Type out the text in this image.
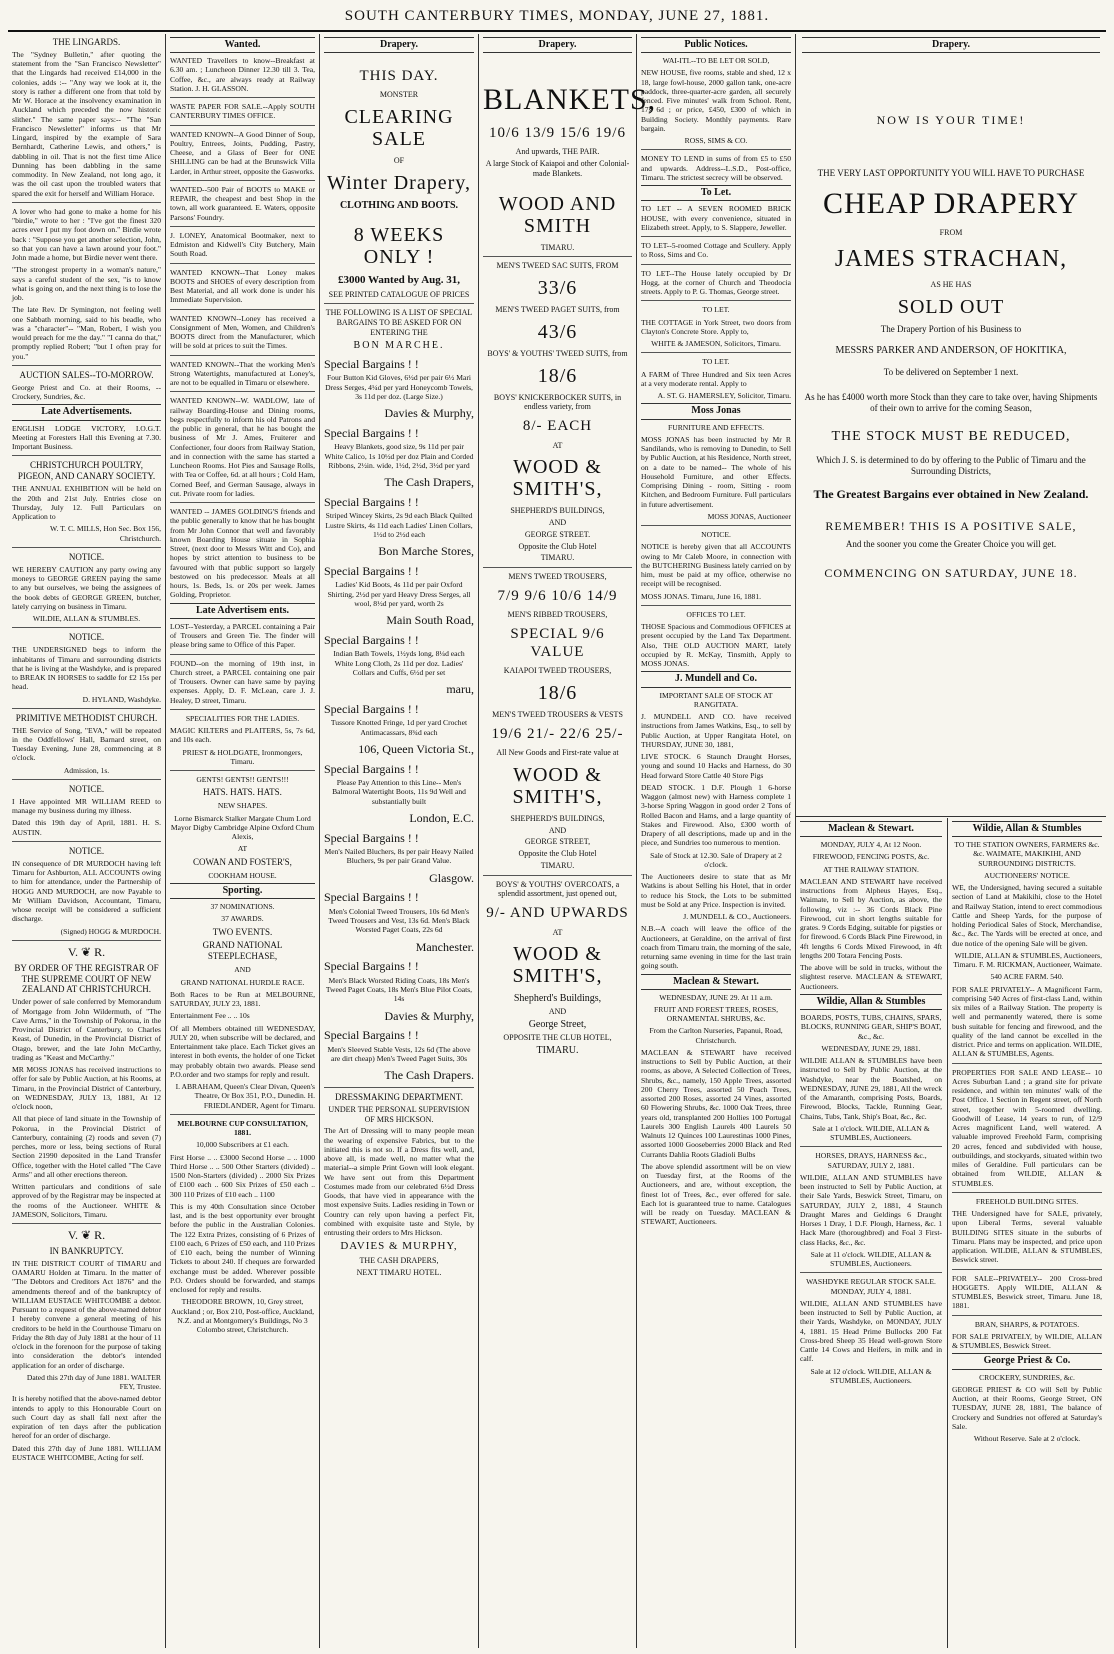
SOUTH CANTERBURY TIMES, MONDAY, JUNE 27, 1881.
THE LINGARDS.

The "Sydney Bulletin," after quoting the statement from the "San Francisco Newsletter" that the Lingards had received £14,000 in the colonies, adds :-- "Any way we look at it, the story is rather a different one from that told by Mr W. Horace at the insolvency examination in Auckland which preceded the now historic slither." The same paper says:-- "The "San Francisco Newsletter" informs us that Mr Lingard, inspired by the example of Sara Bernhardt, Catherine Lewis, and others," is dabbling in oil. That is not the first time Alice Dunning has been dabbling in the same commodity. In New Zealand, not long ago, it was the oil cast upon the troubled waters that spared the exit for herself and William Horace.

A lover who had gone to make a home for his "birdie," wrote to her : "I've got the finest 320 acres ever I put my foot down on." Birdie wrote back : "Suppose you get another selection, John, so that you can have a lawn around your foot." John made a home, but Birdie never went there.

"The strongest property in a woman's nature," says a careful student of the sex, "is to know what is going on, and the next thing is to lose the job.

The late Rev. Dr Symington, not feeling well one Sabbath morning, said to his beadle, who was a "character"-- "Man, Robert, I wish you would preach for me the day." "I canna do that," promptly replied Robert; "but I often pray for you."

AUCTION SALES--TO-MORROW.

George Priest and Co. at their Rooms, --Crockery, Sundries, &c.

Late Advertisements.

ENGLISH LODGE VICTORY, I.O.G.T. Meeting at Foresters Hall this Evening at 7.30. Important Business.

CHRISTCHURCH POULTRY, PIGEON, AND CANARY SOCIETY.

THE ANNUAL EXHIBITION will be held on the 20th and 21st July. Entries close on Thursday, July 12. Full Particulars on Application to

W. T. C. MILLS, Hon Sec. Box 156, Christchurch.

NOTICE.

WE HEREBY CAUTION any party owing any moneys to GEORGE GREEN paying the same to any but ourselves, we being the assignees of the book debts of GEORGE GREEN, butcher, lately carrying on business in Timaru.

WILDIE, ALLAN & STUMBLES.

NOTICE.

THE UNDERSIGNED begs to inform the inhabitants of Timaru and surrounding districts that he is living at the Washdyke, and is prepared to BREAK IN HORSES to saddle for £2 15s per head.

D. HYLAND, Washdyke.

PRIMITIVE METHODIST CHURCH.

THE Service of Song, "EVA," will be repeated in the Oddfellows' Hall, Barnard street, on Tuesday Evening, June 28, commencing at 8 o'clock.

Admission, 1s.

NOTICE.

I Have appointed MR WILLIAM REED to manage my business during my illness.

Dated this 19th day of April, 1881. H. S. AUSTIN.

NOTICE.

IN consequence of DR MURDOCH having left Timaru for Ashburton, ALL ACCOUNTS owing to him for attendance, under the Partnership of HOGG AND MURDOCH, are now Payable to Mr William Davidson, Accountant, Timaru, whose receipt will be considered a sufficient discharge.

(Signed) HOGG & MURDOCH.

V. ❦ R.
BY ORDER OF THE REGISTRAR OF THE SUPREME COURT OF NEW ZEALAND AT CHRISTCHURCH.

Under power of sale conferred by Memorandum of Mortgage from John Wildermuth, of "The Cave Arms," in the Township of Pokorua, in the Provincial District of Canterbury, to Charles Keast, of Dunedin, in the Provincial District of Otago, brewer, and the late John McCarthy, trading as "Keast and McCarthy."

MR MOSS JONAS has received instructions to offer for sale by Public Auction, at his Rooms, at Timaru, in the Provincial District of Canterbury, on WEDNESDAY, JULY 13, 1881, At 12 o'clock noon,

All that piece of land situate in the Township of Pokorua, in the Provincial District of Canterbury, containing (2) roods and seven (7) perches, more or less, being sections of Rural Section 21990 deposited in the Land Transfer Office, together with the Hotel called "The Cave Arms" and all other erections thereon.

Written particulars and conditions of sale approved of by the Registrar may be inspected at the rooms of the Auctioneer. WHITE & JAMESON, Solicitors, Timaru.

V. ❦ R.
IN BANKRUPTCY.

IN THE DISTRICT COURT of TIMARU and OAMARU Holden at Timaru. In the matter of "The Debtors and Creditors Act 1876" and the amendments thereof and of the bankruptcy of WILLIAM EUSTACE WHITCOMBE a debtor. Pursuant to a request of the above-named debtor I hereby convene a general meeting of his creditors to be held in the Courthouse Timaru on Friday the 8th day of July 1881 at the hour of 11 o'clock in the forenoon for the purpose of taking into consideration the debtor's intended application for an order of discharge.

Dated this 27th day of June 1881. WALTER FEY, Trustee.

It is hereby notified that the above-named debtor intends to apply to this Honourable Court on such Court day as shall fall next after the expiration of ten days after the publication hereof for an order of discharge.

Dated this 27th day of June 1881. WILLIAM EUSTACE WHITCOMBE, Acting for self.

Wanted.

WANTED Travellers to know--Breakfast at 6.30 am. ; Luncheon Dinner 12.30 till 3. Tea, Coffee, &c., are always ready at Railway Station. J. H. GLASSON.

WASTE PAPER FOR SALE.--Apply SOUTH CANTERBURY TIMES OFFICE.

WANTED KNOWN--A Good Dinner of Soup, Poultry, Entrees, Joints, Pudding, Pastry, Cheese, and a Glass of Beer for ONE SHILLING can be had at the Brunswick Villa Larder, in Arthur street, opposite the Gasworks.

WANTED--500 Pair of BOOTS to MAKE or REPAIR, the cheapest and best Shop in the town, all work guaranteed. E. Waters, opposite Parsons' Foundry.

J. LONEY, Anatomical Bootmaker, next to Edmiston and Kidwell's City Butchery, Main South Road.

WANTED KNOWN--That Loney makes BOOTS and SHOES of every description from Best Material, and all work done is under his Immediate Supervision.

WANTED KNOWN--Loney has received a Consignment of Men, Women, and Children's BOOTS direct from the Manufacturer, which will be sold at prices to suit the Times.

WANTED KNOWN--That the working Men's Strong Watertights, manufactured at Loney's, are not to be equalled in Timaru or elsewhere.

WANTED KNOWN--W. WADLOW, late of railway Boarding-House and Dining rooms, begs respectfully to inform his old Patrons and the public in general, that he has bought the business of Mr J. Ames, Fruiterer and Confectioner, four doors from Railway Station, and in connection with the same has started a Luncheon Rooms. Hot Pies and Sausage Rolls, with Tea or Coffee, 6d. at all hours ; Cold Ham, Corned Beef, and German Sausage, always in cut. Private room for ladies.

WANTED -- JAMES GOLDING'S friends and the public generally to know that he has bought from Mr John Connor that well and favorably known Boarding House situate in Sophia Street, (next door to Messrs Witt and Co), and hopes by strict attention to business to be favoured with that public support so largely bestowed on his predecessor. Meals at all hours, 1s. Beds, 1s. or 20s per week. James Golding, Proprietor.

Late Advertisem ents.

LOST--Yesterday, a PARCEL containing a Pair of Trousers and Green Tie. The finder will please bring same to Office of this Paper.

FOUND--on the morning of 19th inst, in Church street, a PARCEL containing one pair of Trousers. Owner can have same by paying expenses. Apply, D. F. McLean, care J. J. Healey, D street, Timaru.

SPECIALITIES FOR THE LADIES.

MAGIC KILTERS and PLAITERS, 5s, 7s 6d, and 10s each.

PRIEST & HOLDGATE, Ironmongers, Timaru.

GENTS! GENTS!! GENTS!!!

HATS. HATS. HATS.

NEW SHAPES.

Lorne Bismarck Stalker Margate Chum Lord Mayor Digby Cambridge Alpine Oxford Chum Alexis,

AT

COWAN AND FOSTER'S,

COOKHAM HOUSE.

Sporting.

37 NOMINATIONS.

37 AWARDS.

TWO EVENTS.

GRAND NATIONAL STEEPLECHASE,

AND

GRAND NATIONAL HURDLE RACE.

Both Races to be Run at MELBOURNE, SATURDAY, JULY 23, 1881.

Entertainment Fee .. .. 10s

Of all Members obtained till WEDNESDAY, JULY 20, when subscribe will be declared, and Entertainment take place. Each Ticket gives an interest in both events, the holder of one Ticket may probably obtain two awards. Please send P.O.order and two stamps for reply and result.

I. ABRAHAM, Queen's Clear Divan, Queen's Theatre, Or Box 351, P.O., Dunedin. H. FRIEDLANDER, Agent for Timaru.

MELBOURNE CUP CONSULTATION, 1881.

10,000 Subscribers at £1 each.

First Horse .. .. £3000 Second Horse .. .. 1000 Third Horse .. .. 500 Other Starters (divided) .. 1500 Non-Starters (divided) .. 2000 Six Prizes of £100 each .. 600 Six Prizes of £50 each .. 300 110 Prizes of £10 each .. 1100

This is my 40th Consultation since October last, and is the best opportunity ever brought before the public in the Australian Colonies. The 122 Extra Prizes, consisting of 6 Prizes of £100 each, 6 Prizes of £50 each, and 110 Prizes of £10 each, being the number of Winning Tickets to about 240. If cheques are forwarded exchange must be added. Wherever possible P.O. Orders should be forwarded, and stamps enclosed for reply and results.

THEODORE BROWN, 10, Grey street, Auckland ; or, Box 210, Post-office, Auckland, N.Z. and at Montgomery's Buildings, No 3 Colombo street, Christchurch.

Drapery.
THIS DAY.
MONSTER
CLEARING SALE
OF
Winter Drapery,
CLOTHING AND BOOTS.
8 WEEKS ONLY !
£3000 Wanted by Aug. 31,
SEE PRINTED CATALOGUE OF PRICES
THE FOLLOWING IS A LIST OF SPECIAL BARGAINS TO BE ASKED FOR ON ENTERING THE
BON MARCHE.
Special Bargains ! !

Four Button Kid Gloves, 6½d per pair 6½ Mari Dress Serges, 4¼d per yard Honeycomb Towels, 3s 11d per doz. (Large Size.)

Davies & Murphy,
Special Bargains ! !

Heavy Blankets, good size, 9s 11d per pair White Calico, 1s 10½d per doz Plain and Corded Ribbons, 2½in. wide, 1½d, 2½d, 3½d per yard

The Cash Drapers,
Special Bargains ! !

Striped Wincey Skirts, 2s 9d each Black Quilted Lustre Skirts, 4s 11d each Ladies' Linen Collars, 1½d to 2½d each

Bon Marche Stores,
Special Bargains ! !

Ladies' Kid Boots, 4s 11d per pair Oxford Shirting, 2½d per yard Heavy Dress Serges, all wool, 8½d per yard, worth 2s

Main South Road,
Special Bargains ! !

Indian Bath Towels, 1½yds long, 8¼d each White Long Cloth, 2s 11d per doz. Ladies' Collars and Cuffs, 6½d per set

maru,
Special Bargains ! !

Tussore Knotted Fringe, 1d per yard Crochet Antimacassars, 8¾d each

106, Queen Victoria St.,
Special Bargains ! !

Please Pay Attention to this Line-- Men's Balmoral Watertight Boots, 11s 9d Well and substantially built

London, E.C.
Special Bargains ! !

Men's Nailed Bluchers, 8s per pair Heavy Nailed Bluchers, 9s per pair Grand Value.

Glasgow.
Special Bargains ! !

Men's Colonial Tweed Trousers, 10s 6d Men's Tweed Trousers and Vest, 13s 6d. Men's Black Worsted Paget Coats, 22s 6d

Manchester.
Special Bargains ! !

Men's Black Worsted Riding Coats, 18s Men's Tweed Paget Coats, 18s Men's Blue Pilot Coats, 14s

Davies & Murphy,
Special Bargains ! !

Men's Sleeved Stable Vests, 12s 6d (The above are dirt cheap) Men's Tweed Paget Suits, 30s

The Cash Drapers.
DRESSMAKING DEPARTMENT.
UNDER THE PERSONAL SUPERVISION OF MRS HICKSON.

The Art of Dressing will to many people mean the wearing of expensive Fabrics, but to the initiated this is not so. If a Dress fits well, and, above all, is made well, no matter what the material--a simple Print Gown will look elegant. We have sent out from this Department Costumes made from our celebrated 6½d Dress Goods, that have vied in appearance with the most expensive Suits. Ladies residing in Town or Country can rely upon having a perfect Fit, combined with exquisite taste and Style, by entrusting their orders to Mrs Hickson.

DAVIES & MURPHY,
THE CASH DRAPERS,
NEXT TIMARU HOTEL.
Drapery.
BLANKETS,
10/6 13/9 15/6 19/6
And upwards, THE PAIR.
A large Stock of Kaiapoi and other Colonial-made Blankets.
WOOD AND SMITH
TIMARU.
MEN'S TWEED SAC SUITS, FROM
33/6
MEN'S TWEED PAGET SUITS, from
43/6
BOYS' & YOUTHS' TWEED SUITS, from
18/6
BOYS' KNICKERBOCKER SUITS, in endless variety, from
8/- EACH
AT
WOOD & SMITH'S,
SHEPHERD'S BUILDINGS,
AND
GEORGE STREET.
Opposite the Club Hotel
TIMARU.
MEN'S TWEED TROUSERS,
7/9 9/6 10/6 14/9
MEN'S RIBBED TROUSERS,
SPECIAL 9/6 VALUE
KAIAPOI TWEED TROUSERS,
18/6
MEN'S TWEED TROUSERS & VESTS
19/6 21/- 22/6 25/-
All New Goods and First-rate value at
WOOD & SMITH'S,
SHEPHERD'S BUILDINGS,
AND
GEORGE STREET,
Opposite the Club Hotel
TIMARU.
BOYS' & YOUTHS' OVERCOATS, a splendid assortment, just opened out,
9/- AND UPWARDS
AT
WOOD & SMITH'S,
Shepherd's Buildings,
AND
George Street,
OPPOSITE THE CLUB HOTEL,
TIMARU.
Public Notices.

WAI-ITI.--TO BE LET OR SOLD,

NEW HOUSE, five rooms, stable and shed, 12 x 18, large fowl-house, 2000 gallon tank, one-acre paddock, three-quarter-acre garden, all securely fenced. Five minutes' walk from School. Rent, 17s 6d ; or price, £450, £300 of which in Building Society. Monthly payments. Rare bargain.

ROSS, SIMS & CO.

MONEY TO LEND in sums of from £5 to £50 and upwards. Address--L.S.D., Post-office, Timaru. The strictest secrecy will be observed.

To Let.

TO LET -- A SEVEN ROOMED BRICK HOUSE, with every convenience, situated in Elizabeth street. Apply, to S. Slappere, Jeweller.

TO LET--5-roomed Cottage and Scullery. Apply to Ross, Sims and Co.

TO LET--The House lately occupied by Dr Hogg, at the corner of Church and Theodocia streets. Apply to P. G. Thomas, George street.

TO LET.

THE COTTAGE in York Street, two doors from Clayton's Concrete Store. Apply to,

WHITE & JAMESON, Solicitors, Timaru.

TO LET.

A FARM of Three Hundred and Six teen Acres at a very moderate rental. Apply to

A. ST. G. HAMERSLEY, Solicitor, Timaru.

Moss Jonas

FURNITURE AND EFFECTS.

MOSS JONAS has been instructed by Mr R Sandilands, who is removing to Dunedin, to Sell by Public Auction, at his Residence, North street, on a date to be named-- The whole of his Household Furniture, and other Effects. Comprising Dining - room, Sitting - room Kitchen, and Bedroom Furniture. Full particulars in future advertisement.

MOSS JONAS, Auctioneer

NOTICE.

NOTICE is hereby given that all ACCOUNTS owing to Mr Caleb Moore, in connection with the BUTCHERING Business lately carried on by him, must be paid at my office, otherwise no receipt will be recognised.

MOSS JONAS. Timaru, June 16, 1881.

OFFICES TO LET.

THOSE Spacious and Commodious OFFICES at present occupied by the Land Tax Department. Also, THE OLD AUCTION MART, lately occupied by R. McKay, Tinsmith, Apply to MOSS JONAS.

J. Mundell and Co.

IMPORTANT SALE OF STOCK AT RANGITATA.

J. MUNDELL AND CO. have received instructions from James Watkins, Esq., to sell by Public Auction, at Upper Rangitata Hotel, on THURSDAY, JUNE 30, 1881,

LIVE STOCK. 6 Staunch Draught Horses, young and sound 10 Hacks and Harness, do 30 Head forward Store Cattle 40 Store Pigs

DEAD STOCK. 1 D.F. Plough 1 6-horse Waggon (almost new) with Harness complete 1 3-horse Spring Waggon in good order 2 Tons of Rolled Bacon and Hams, and a large quantity of Stakes and Firewood. Also, £300 worth of Drapery of all descriptions, made up and in the piece, and Sundries too numerous to mention.

Sale of Stock at 12.30. Sale of Drapery at 2 o'clock.

The Auctioneers desire to state that as Mr Watkins is about Selling his Hotel, that in order to reduce his Stock, the Lots to be submitted must be Sold at any Price. Inspection is invited.

J. MUNDELL & CO., Auctioneers.

N.B.--A coach will leave the office of the Auctioneers, at Geraldine, on the arrival of first coach from Timaru train, the morning of the sale, returning same evening in time for the last train going south.

Maclean & Stewart.

WEDNESDAY, JUNE 29. At 11 a.m.

FRUIT AND FOREST TREES, ROSES, ORNAMENTAL SHRUBS, &c.

From the Carlton Nurseries, Papanui, Road, Christchurch.

MACLEAN & STEWART have received instructions to Sell by Public Auction, at their rooms, as above, A Selected Collection of Trees, Shrubs, &c., namely, 150 Apple Trees, assorted 200 Cherry Trees, assorted 50 Peach Trees, assorted 200 Roses, assorted 24 Vines, assorted 60 Flowering Shrubs, &c. 1000 Oak Trees, three years old, transplanted 200 Hollies 100 Portugal Laurels 300 English Laurels 400 Laurels 50 Walnuts 12 Quinces 100 Laurestinas 1000 Pines, assorted 1000 Gooseberries 2000 Black and Red Currants Dahlia Roots Gladioli Bulbs

The above splendid assortment will be on view on Tuesday first, at the Rooms of the Auctioneers, and are, without exception, the finest lot of Trees, &c., ever offered for sale. Each lot is guaranteed true to name. Catalogues will be ready on Tuesday. MACLEAN & STEWART, Auctioneers.

Drapery.
NOW IS YOUR TIME!
THE VERY LAST OPPORTUNITY YOU WILL HAVE TO PURCHASE
CHEAP DRAPERY
FROM
JAMES STRACHAN,
AS HE HAS
SOLD OUT
The Drapery Portion of his Business to
MESSRS PARKER AND ANDERSON, OF HOKITIKA,
To be delivered on September 1 next.
As he has £4000 worth more Stock than they care to take over, having Shipments of their own to arrive for the coming Season,
THE STOCK MUST BE REDUCED,
Which J. S. is determined to do by offering to the Public of Timaru and the Surrounding Districts,
The Greatest Bargains ever obtained in New Zealand.
REMEMBER! THIS IS A POSITIVE SALE,
And the sooner you come the Greater Choice you will get.
COMMENCING ON SATURDAY, JUNE 18.
Maclean & Stewart.

MONDAY, JULY 4, At 12 Noon.

FIREWOOD, FENCING POSTS, &c.

AT THE RAILWAY STATION.

MACLEAN AND STEWART have received instructions from Alpheus Hayes, Esq., Waimate, to Sell by Auction, as above, the following, viz :-- 36 Cords Black Pine Firewood, cut in short lengths suitable for grates. 9 Cords Edging, suitable for pigsties or for firewood. 6 Cords Black Pine Firewood, in 4ft lengths 6 Cords Mixed Firewood, in 4ft lengths 200 Totara Fencing Posts.

The above will be sold in trucks, without the slightest reserve. MACLEAN & STEWART, Auctioneers.

Wildie, Allan & Stumbles

BOARDS, POSTS, TUBS, CHAINS, SPARS, BLOCKS, RUNNING GEAR, SHIP'S BOAT, &c., &c.

WEDNESDAY, JUNE 29, 1881.

WILDIE ALLAN & STUMBLES have been instructed to Sell by Public Auction, at the Washdyke, near the Boatshed, on WEDNESDAY, JUNE 29, 1881, All the wreck of the Amaranth, comprising Posts, Boards, Firewood, Blocks, Tackle, Running Gear, Chains, Tubs, Tank, Ship's Boat, &c., &c.

Sale at 1 o'clock. WILDIE, ALLAN & STUMBLES, Auctioneers.

HORSES, DRAYS, HARNESS &c., SATURDAY, JULY 2, 1881.

WILDIE, ALLAN AND STUMBLES have been instructed to Sell by Public Auction, at their Sale Yards, Beswick Street, Timaru, on SATURDAY, JULY 2, 1881, 4 Staunch Draught Mares and Geldings 6 Draught Horses 1 Dray, 1 D.F. Plough, Harness, &c. 1 Hack Mare (thoroughbred) and Foal 3 First-class Hacks, &c., &c.

Sale at 11 o'clock. WILDIE, ALLAN & STUMBLES, Auctioneers.

WASHDYKE REGULAR STOCK SALE. MONDAY, JULY 4, 1881.

WILDIE, ALLAN AND STUMBLES have been instructed to Sell by Public Auction, at their Yards, Washdyke, on MONDAY, JULY 4, 1881. 15 Head Prime Bullocks 200 Fat Cross-bred Sheep 35 Head well-grown Store Cattle 14 Cows and Heifers, in milk and in calf.

Sale at 12 o'clock. WILDIE, ALLAN & STUMBLES, Auctioneers.

Wildie, Allan & Stumbles

TO THE STATION OWNERS, FARMERS &c. &c. WAIMATE, MAKIKIHI, AND SURROUNDING DISTRICTS.

AUCTIONEERS' NOTICE.

WE, the Undersigned, having secured a suitable section of Land at Makikihi, close to the Hotel and Railway Station, intend to erect commodious Cattle and Sheep Yards, for the purpose of holding Periodical Sales of Stock, Merchandise, &c., &c. The Yards will be erected at once, and due notice of the opening Sale will be given.

WILDIE, ALLAN & STUMBLES, Auctioneers, Timaru. F. M. RICKMAN, Auctioneer, Waimate.

540 ACRE FARM. 540.

FOR SALE PRIVATELY-- A Magnificent Farm, comprising 540 Acres of first-class Land, within six miles of a Railway Station. The property is well and permanently watered, there is some bush suitable for fencing and firewood, and the quality of the land cannot be excelled in the district. Price and terms on application. WILDIE, ALLAN & STUMBLES, Agents.

PROPERTIES FOR SALE AND LEASE-- 10 Acres Suburban Land ; a grand site for private residence, and within ten minutes' walk of the Post Office. 1 Section in Regent street, off North street, together with 5-roomed dwelling. Goodwill of Lease, 14 years to run, of 12/9 Acres magnificent Land, well watered. A valuable improved Freehold Farm, comprising 20 acres, fenced and subdivided with house, outbuildings, and stockyards, situated within two miles of Geraldine. Full particulars can be obtained from WILDIE, ALLAN & STUMBLES.

FREEHOLD BUILDING SITES.

THE Undersigned have for SALE, privately, upon Liberal Terms, several valuable BUILDING SITES situate in the suburbs of Timaru. Plans may be inspected, and price upon application. WILDIE, ALLAN & STUMBLES, Beswick street.

FOR SALE--PRIVATELY-- 200 Cross-bred HOGGETS. Apply WILDIE, ALLAN & STUMBLES, Beswick street, Timaru. June 18, 1881.

BRAN, SHARPS, & POTATOES.

FOR SALE PRIVATELY, by WILDIE, ALLAN & STUMBLES, Beswick Street.

George Priest & Co.

CROCKERY, SUNDRIES, &c.

GEORGE PRIEST & CO will Sell by Public Auction, at their Rooms, George Street, ON TUESDAY, JUNE 28, 1881, The balance of Crockery and Sundries not offered at Saturday's Sale.

Without Reserve. Sale at 2 o'clock.
